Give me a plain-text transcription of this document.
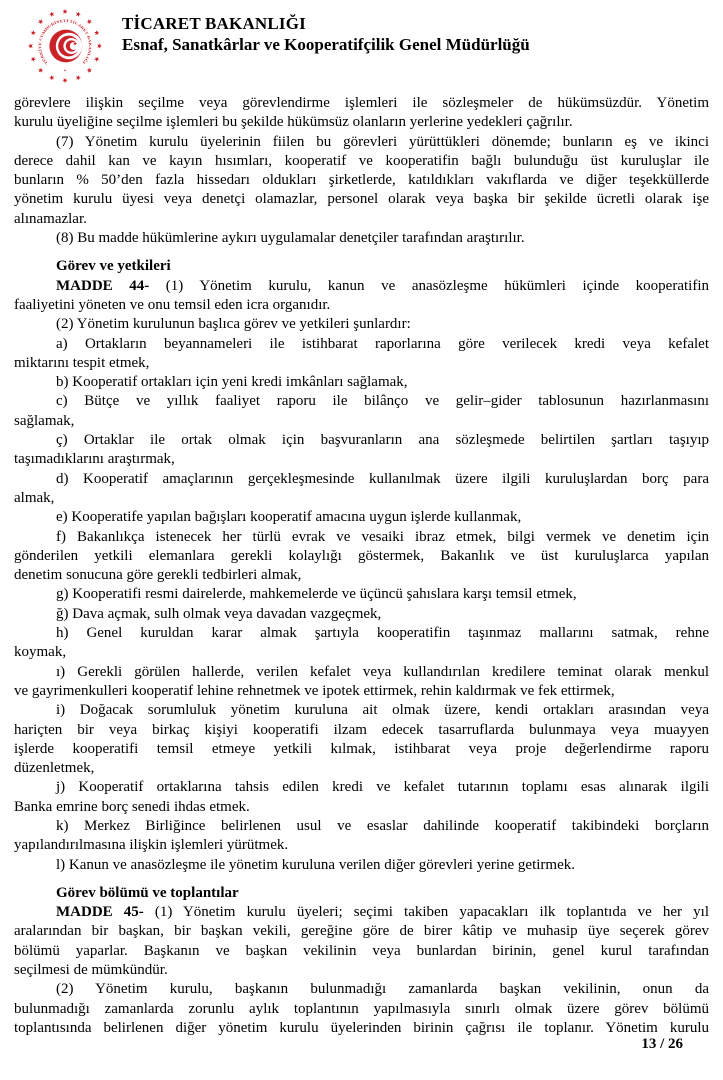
TÜRKİYE CUMHURİYETİ TİCARET BAKANLIĞI
TİCARET BAKANLIĞI
Esnaf, Sanatkârlar ve Kooperatifçilik Genel Müdürlüğü
görevlere ilişkin seçilme veya görevlendirme işlemleri ile sözleşmeler de hükümsüzdür. Yönetim
kurulu üyeliğine seçilme işlemleri bu şekilde hükümsüz olanların yerlerine yedekleri çağrılır.
(7) Yönetim kurulu üyelerinin fiilen bu görevleri yürüttükleri dönemde; bunların eş ve ikinci
derece dahil kan ve kayın hısımları, kooperatif ve kooperatifin bağlı bulunduğu üst kuruluşlar ile
bunların % 50’den fazla hissedarı oldukları şirketlerde, katıldıkları vakıflarda ve diğer teşekküllerde
yönetim kurulu üyesi veya denetçi olamazlar, personel olarak veya başka bir şekilde ücretli olarak işe
alınamazlar.
(8) Bu madde hükümlerine aykırı uygulamalar denetçiler tarafından araştırılır.
Görev ve yetkileri
MADDE 44- (1) Yönetim kurulu, kanun ve anasözleşme hükümleri içinde kooperatifin
faaliyetini yöneten ve onu temsil eden icra organıdır.
(2) Yönetim kurulunun başlıca görev ve yetkileri şunlardır:
a) Ortakların beyannameleri ile istihbarat raporlarına göre verilecek kredi veya kefalet
miktarını tespit etmek,
b) Kooperatif ortakları için yeni kredi imkânları sağlamak,
c) Bütçe ve yıllık faaliyet raporu ile bilânço ve gelir–gider tablosunun hazırlanmasını
sağlamak,
ç) Ortaklar ile ortak olmak için başvuranların ana sözleşmede belirtilen şartları taşıyıp
taşımadıklarını araştırmak,
d) Kooperatif amaçlarının gerçekleşmesinde kullanılmak üzere ilgili kuruluşlardan borç para
almak,
e) Kooperatife yapılan bağışları kooperatif amacına uygun işlerde kullanmak,
f) Bakanlıkça istenecek her türlü evrak ve vesaiki ibraz etmek, bilgi vermek ve denetim için
gönderilen yetkili elemanlara gerekli kolaylığı göstermek, Bakanlık ve üst kuruluşlarca yapılan
denetim sonucuna göre gerekli tedbirleri almak,
g) Kooperatifi resmi dairelerde, mahkemelerde ve üçüncü şahıslara karşı temsil etmek,
ğ) Dava açmak, sulh olmak veya davadan vazgeçmek,
h) Genel kuruldan karar almak şartıyla kooperatifin taşınmaz mallarını satmak, rehne
koymak,
ı) Gerekli görülen hallerde, verilen kefalet veya kullandırılan kredilere teminat olarak menkul
ve gayrimenkulleri kooperatif lehine rehnetmek ve ipotek ettirmek, rehin kaldırmak ve fek ettirmek,
i) Doğacak sorumluluk yönetim kuruluna ait olmak üzere, kendi ortakları arasından veya
hariçten bir veya birkaç kişiyi kooperatifi ilzam edecek tasarruflarda bulunmaya veya muayyen
işlerde kooperatifi temsil etmeye yetkili kılmak, istihbarat veya proje değerlendirme raporu
düzenletmek,
j) Kooperatif ortaklarına tahsis edilen kredi ve kefalet tutarının toplamı esas alınarak ilgili
Banka emrine borç senedi ihdas etmek.
k) Merkez Birliğince belirlenen usul ve esaslar dahilinde kooperatif takibindeki borçların
yapılandırılmasına ilişkin işlemleri yürütmek.
l) Kanun ve anasözleşme ile yönetim kuruluna verilen diğer görevleri yerine getirmek.
Görev bölümü ve toplantılar
MADDE 45- (1) Yönetim kurulu üyeleri; seçimi takiben yapacakları ilk toplantıda ve her yıl
aralarından bir başkan, bir başkan vekili, gereğine göre de birer kâtip ve muhasip üye seçerek görev
bölümü yaparlar. Başkanın ve başkan vekilinin veya bunlardan birinin, genel kurul tarafından
seçilmesi de mümkündür.
(2) Yönetim kurulu, başkanın bulunmadığı zamanlarda başkan vekilinin, onun da
bulunmadığı zamanlarda zorunlu aylık toplantının yapılmasıyla sınırlı olmak üzere görev bölümü
toplantısında belirlenen diğer yönetim kurulu üyelerinden birinin çağrısı ile toplanır. Yönetim kurulu
13 / 26
